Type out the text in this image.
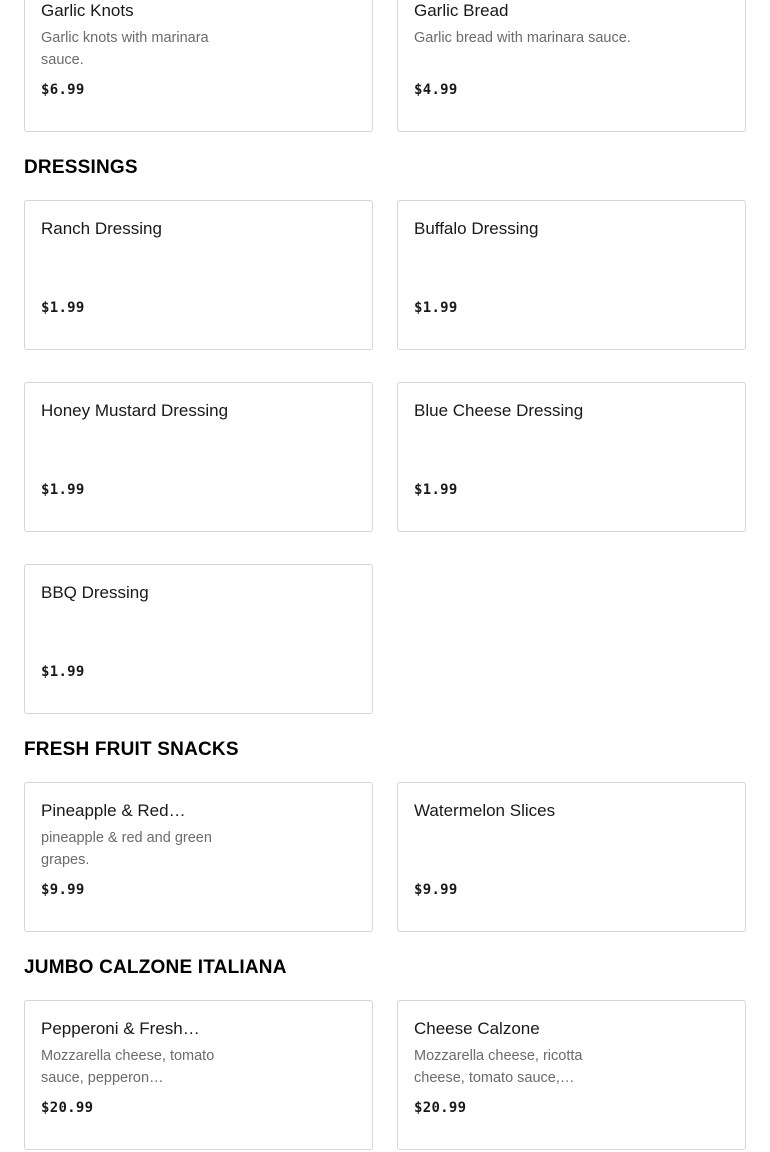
Garlic Knots
Garlic knots with marinara sauce.
$6.99
Garlic Bread
Garlic bread with marinara sauce.
$4.99
DRESSINGS
Ranch Dressing
$1.99
Buffalo Dressing
$1.99
Honey Mustard Dressing
$1.99
Blue Cheese Dressing
$1.99
BBQ Dressing
$1.99
FRESH FRUIT SNACKS
Pineapple & Red…
pineapple & red and green grapes.
$9.99
Watermelon Slices
$9.99
JUMBO CALZONE ITALIANA
Pepperoni & Fresh…
Mozzarella cheese, tomato sauce, pepperon…
$20.99
Cheese Calzone
Mozzarella cheese, ricotta cheese, tomato sauce,…
$20.99
